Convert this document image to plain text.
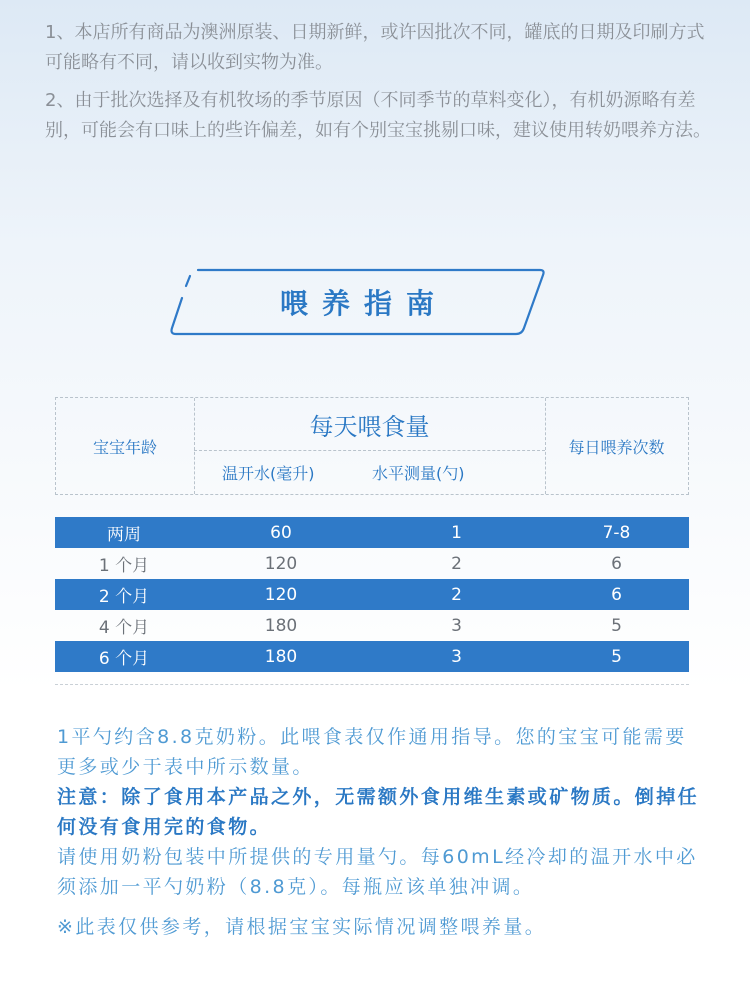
1、本店所有商品为澳洲原装、日期新鲜，或许因批次不同，罐底的日期及印刷方式可能略有不同，请以收到实物为准。

2、由于批次选择及有机牧场的季节原因（不同季节的草料变化），有机奶源略有差别，可能会有口味上的些许偏差，如有个别宝宝挑剔口味，建议使用转奶喂养方法。

喂养指南
宝宝年龄
每天喂食量
温开水(毫升)	水平测量(勺)
每日喂养次数
两周	60	1	7-8
1 个月	120	2	6
2 个月	120	2	6
4 个月	180	3	5
6 个月	180	3	5

1平勺约含8.8克奶粉。此喂食表仅作通用指导。您的宝宝可能需要更多或少于表中所示数量。

注意：除了食用本产品之外，无需额外食用维生素或矿物质。倒掉任何没有食用完的食物。

请使用奶粉包装中所提供的专用量勺。每60mL经冷却的温开水中必须添加一平勺奶粉（8.8克）。每瓶应该单独冲调。

※此表仅供参考，请根据宝宝实际情况调整喂养量。
